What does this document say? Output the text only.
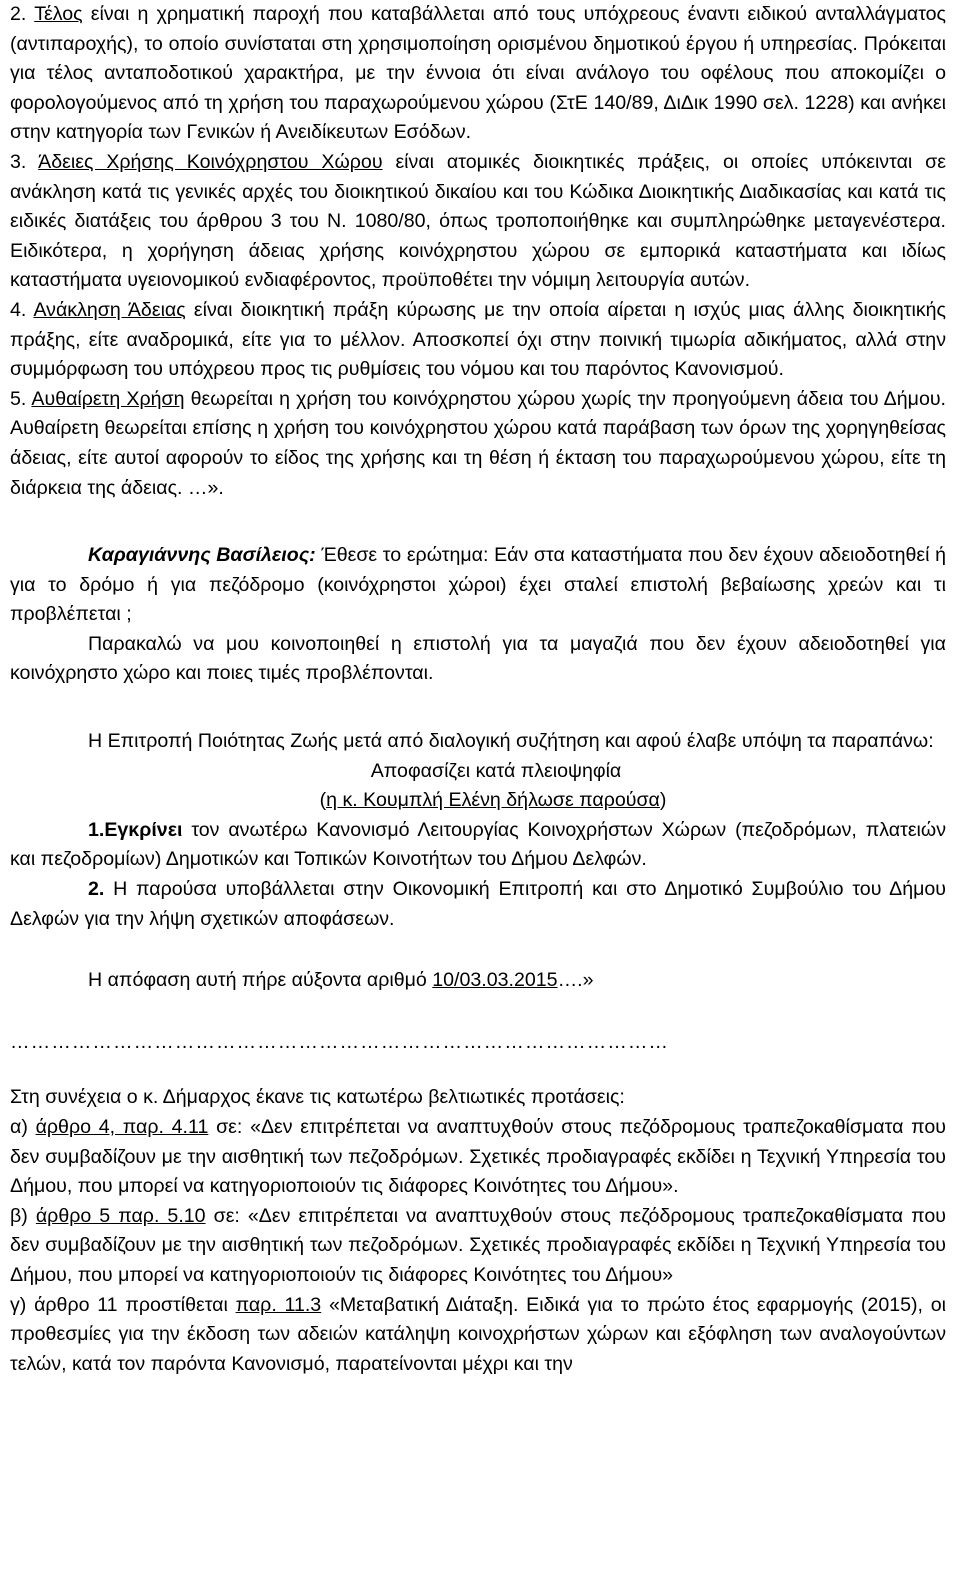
2. Τέλος είναι η χρηματική παροχή που καταβάλλεται από τους υπόχρεους έναντι ειδικού ανταλλάγματος (αντιπαροχής), το οποίο συνίσταται στη χρησιμοποίηση ορισμένου δημοτικού έργου ή υπηρεσίας. Πρόκειται για τέλος ανταποδοτικού χαρακτήρα, με την έννοια ότι είναι ανάλογο του οφέλους που αποκομίζει ο φορολογούμενος από τη χρήση του παραχωρούμενου χώρου (ΣτΕ 140/89, ΔιΔικ 1990 σελ. 1228) και ανήκει στην κατηγορία των Γενικών ή Ανειδίκευτων Εσόδων.

3. Άδειες Χρήσης Κοινόχρηστου Χώρου είναι ατομικές διοικητικές πράξεις, οι οποίες υπόκεινται σε ανάκληση κατά τις γενικές αρχές του διοικητικού δικαίου και του Κώδικα Διοικητικής Διαδικασίας και κατά τις ειδικές διατάξεις του άρθρου 3 του Ν. 1080/80, όπως τροποποιήθηκε και συμπληρώθηκε μεταγενέστερα. Ειδικότερα, η χορήγηση άδειας χρήσης κοινόχρηστου χώρου σε εμπορικά καταστήματα και ιδίως καταστήματα υγειονομικού ενδιαφέροντος, προϋποθέτει την νόμιμη λειτουργία αυτών.

4. Ανάκληση Άδειας είναι διοικητική πράξη κύρωσης με την οποία αίρεται η ισχύς μιας άλλης διοικητικής πράξης, είτε αναδρομικά, είτε για το μέλλον. Αποσκοπεί όχι στην ποινική τιμωρία αδικήματος, αλλά στην συμμόρφωση του υπόχρεου προς τις ρυθμίσεις του νόμου και του παρόντος Κανονισμού.

5. Αυθαίρετη Χρήση θεωρείται η χρήση του κοινόχρηστου χώρου χωρίς την προηγούμενη άδεια του Δήμου. Αυθαίρετη θεωρείται επίσης η χρήση του κοινόχρηστου χώρου κατά παράβαση των όρων της χορηγηθείσας άδειας, είτε αυτοί αφορούν το είδος της χρήσης και τη θέση ή έκταση του παραχωρούμενου χώρου, είτε τη διάρκεια της άδειας. …».

Καραγιάννης Βασίλειος: Έθεσε το ερώτημα: Εάν στα καταστήματα που δεν έχουν αδειοδοτηθεί ή για το δρόμο ή για πεζόδρομο (κοινόχρηστοι χώροι) έχει σταλεί επιστολή βεβαίωσης χρεών και τι προβλέπεται ;

Παρακαλώ να μου κοινοποιηθεί η επιστολή για τα μαγαζιά που δεν έχουν αδειοδοτηθεί για κοινόχρηστο χώρο και ποιες τιμές προβλέπονται.

Η Επιτροπή Ποιότητας Ζωής μετά από διαλογική συζήτηση και αφού έλαβε υπόψη τα παραπάνω:

Αποφασίζει κατά πλειοψηφία

(η κ. Κουμπλή Ελένη δήλωσε παρούσα)

1.Εγκρίνει τον ανωτέρω Κανονισμό Λειτουργίας Κοινοχρήστων Χώρων (πεζοδρόμων, πλατειών και πεζοδρομίων) Δημοτικών και Τοπικών Κοινοτήτων του Δήμου Δελφών.

2. Η παρούσα υποβάλλεται στην Οικονομική Επιτροπή και στο Δημοτικό Συμβούλιο του Δήμου Δελφών για την λήψη σχετικών αποφάσεων.

Η απόφαση αυτή πήρε αύξοντα αριθμό 10/03.03.2015….»

……………………………………………………………………………………

Στη συνέχεια ο κ. Δήμαρχος έκανε τις κατωτέρω βελτιωτικές προτάσεις:

α) άρθρο 4, παρ. 4.11 σε: «Δεν επιτρέπεται να αναπτυχθούν στους πεζόδρομους τραπεζοκαθίσματα που δεν συμβαδίζουν με την αισθητική των πεζοδρόμων. Σχετικές προδιαγραφές εκδίδει η Τεχνική Υπηρεσία του Δήμου, που μπορεί να κατηγοριοποιούν τις διάφορες Κοινότητες του Δήμου».

β) άρθρο 5 παρ. 5.10 σε: «Δεν επιτρέπεται να αναπτυχθούν στους πεζόδρομους τραπεζοκαθίσματα που δεν συμβαδίζουν με την αισθητική των πεζοδρόμων. Σχετικές προδιαγραφές εκδίδει η Τεχνική Υπηρεσία του Δήμου, που μπορεί να κατηγοριοποιούν τις διάφορες Κοινότητες του Δήμου»

γ) άρθρο 11 προστίθεται παρ. 11.3 «Μεταβατική Διάταξη. Ειδικά για το πρώτο έτος εφαρμογής (2015), οι προθεσμίες για την έκδοση των αδειών κατάληψη κοινοχρήστων χώρων και εξόφληση των αναλογούντων τελών, κατά τον παρόντα Κανονισμό, παρατείνονται μέχρι και την
